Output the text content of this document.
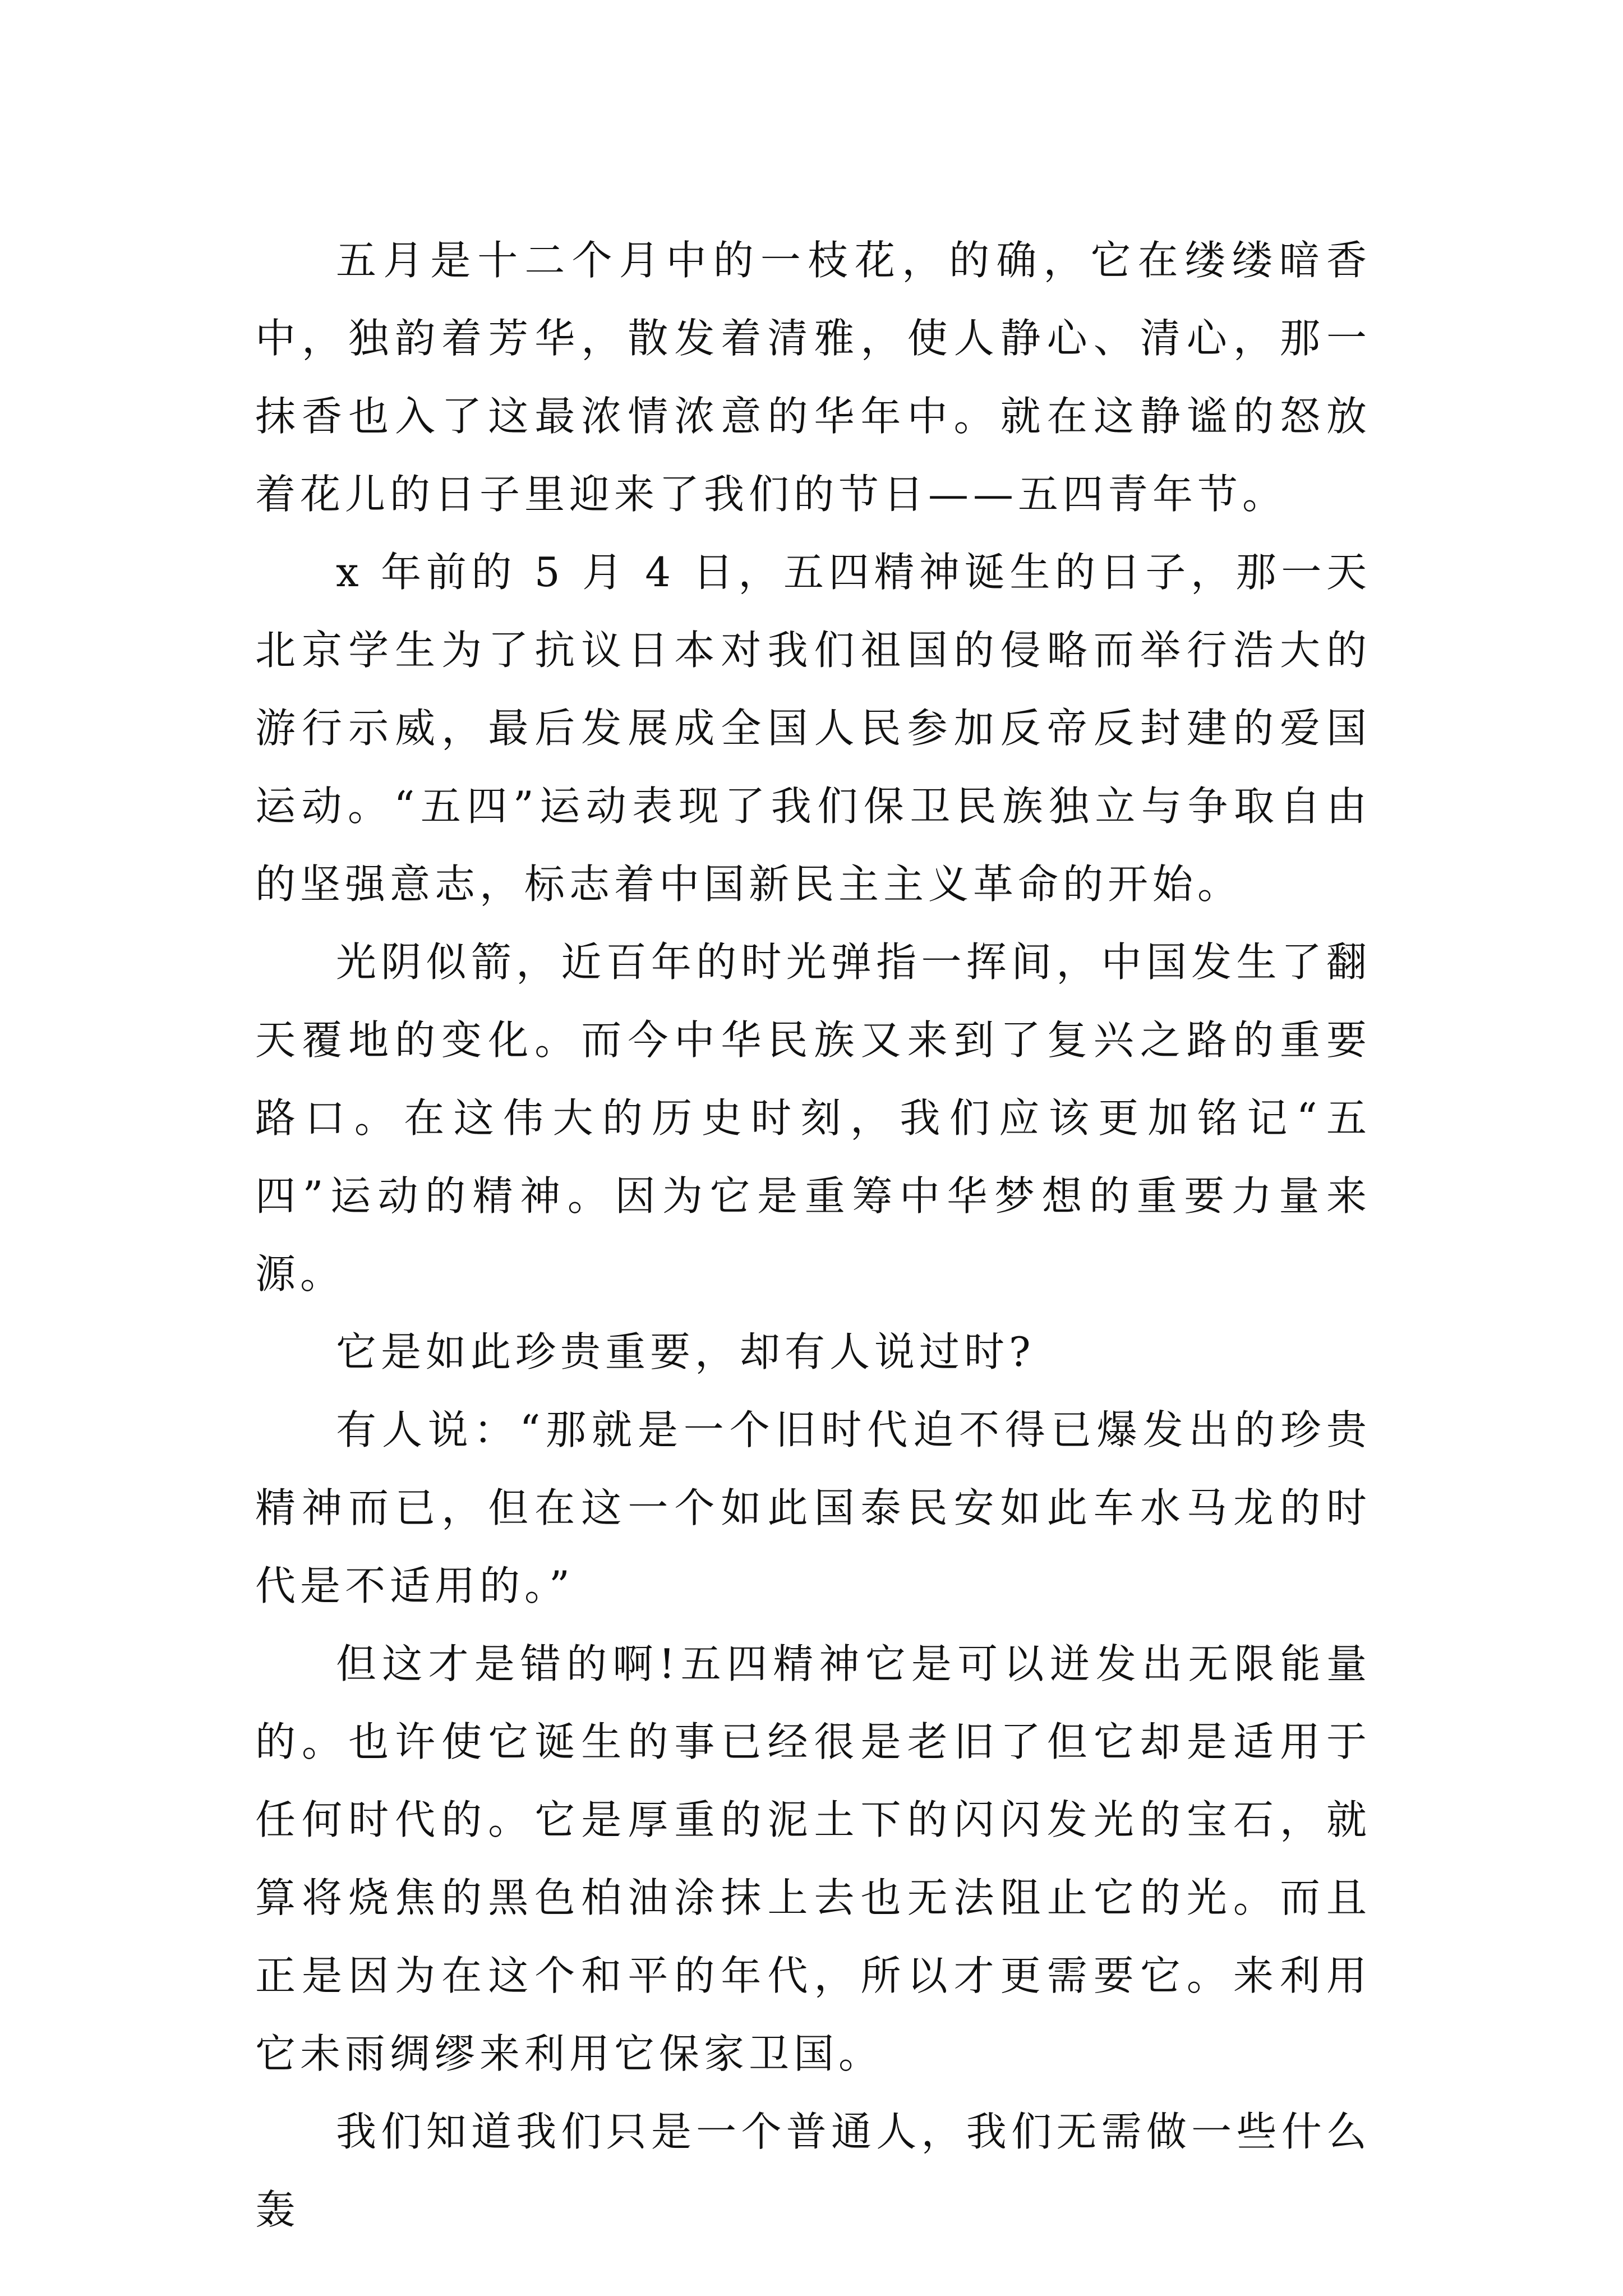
五月是十二个月中的一枝花，的确，它在缕缕暗香中，独韵着芳华，散发着清雅，使人静心、清心，那一抹香也入了这最浓情浓意的华年中。就在这静谧的怒放着花儿的日子里迎来了我们的节日——五四青年节。

x 年前的 5 月 4 日，五四精神诞生的日子，那一天北京学生为了抗议日本对我们祖国的侵略而举行浩大的游行示威，最后发展成全国人民参加反帝反封建的爱国运动。“五四”运动表现了我们保卫民族独立与争取自由的坚强意志，标志着中国新民主主义革命的开始。

光阴似箭，近百年的时光弹指一挥间，中国发生了翻天覆地的变化。而今中华民族又来到了复兴之路的重要路口。在这伟大的历史时刻，我们应该更加铭记“五四”运动的精神。因为它是重筹中华梦想的重要力量来源。

它是如此珍贵重要，却有人说过时?

有人说：“那就是一个旧时代迫不得已爆发出的珍贵精神而已，但在这一个如此国泰民安如此车水马龙的时代是不适用的。”

但这才是错的啊!五四精神它是可以迸发出无限能量的。也许使它诞生的事已经很是老旧了但它却是适用于任何时代的。它是厚重的泥土下的闪闪发光的宝石，就算将烧焦的黑色柏油涂抹上去也无法阻止它的光。而且正是因为在这个和平的年代，所以才更需要它。来利用它未雨绸缪来利用它保家卫国。

我们知道我们只是一个普通人，我们无需做一些什么轰
